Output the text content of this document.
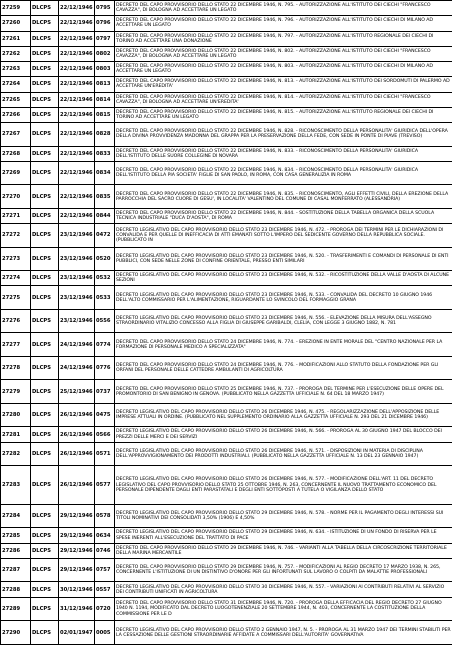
27259	DLCPS	22/12/1946	0795	DECRETO DEL CAPO PROVVISORIO DELLO STATO 22 DICEMBRE 1946, N. 795. - AUTORIZZAZIONE ALL'ISTITUTO DEI CIECHI "FRANCESCO CAVAZZA", DI BOLOGNA AD ACCETTARE UN LEGATO
27260	DLCPS	22/12/1946	0796	DECRETO DEL CAPO PROVVISORIO DELLO STATO 22 DICEMBRE 1946, N. 796. - AUTORIZZAZIONE ALL'ISTITUTO DEI CIECHI DI MILANO AD ACCETTARE UN LEGATO
27261	DLCPS	22/12/1946	0797	DECRETO DEL CAPO PROVVISORIO DELLO STATO 22 DICEMBRE 1946, N. 797. - AUTORIZZAZIONE ALL'ISTITUTO REGIONALE DEI CIECHI DI TORINO AD ACCETTARE UNA DONAZIONE
27262	DLCPS	22/12/1946	0802	DECRETO DEL CAPO PROVVISORIO DELLO STATO 22 DICEMBRE 1946, N. 802. - AUTORIZZAZIONE ALL'ISTITUTO DEI CIECHI "FRANCESCO CAVAZZA", DI BOLOGNA AD ACCETTARE UN LEGATO
27263	DLCPS	22/12/1946	0803	DECRETO DEL CAPO PROVVISORIO DELLO STATO 22 DICEMBRE 1946, N. 803. - AUTORIZZAZIONE ALL'ISTITUTO DEI CIECHI DI MILANO AD ACCETTARE UN LEGATO
27264	DLCPS	22/12/1946	0813	DECRETO DEL CAPO PROVVISORIO DELLO STATO 22 DICEMBRE 1946, N. 813. - AUTORIZZAZIONE ALL'ISTITUTO DEI SORDOMUTI DI PALERMO AD ACCETTARE UN'EREDITA'
27265	DLCPS	22/12/1946	0814	DECRETO DEL CAPO PROVVISORIO DELLO STATO 22 DICEMBRE 1946, N. 814. - AUTORIZZAZIONE ALL'ISTITUTO DEI CIECHI "FRANCESCO CAVAZZA", DI BOLOGNA AD ACCETTARE UN'EREDITA'
27266	DLCPS	22/12/1946	0815	DECRETO DEL CAPO PROVVISORIO DELLO STATO 22 DICEMBRE 1946, N. 815. - AUTORIZZAZIONE ALL'ISTITUTO REGIONALE DEI CIECHI DI TORINO AD ACCETTARE UN LEGATO
27267	DLCPS	22/12/1946	0828	DECRETO DEL CAPO PROVVISORIO DELLO STATO 22 DICEMBRE 1946, N. 828. - RICONOSCIMENTO DELLA PERSONALITA' GIURIDICA DELL'OPERA DELLA DIVINA PROVVIDENZA MADONNA DEL GRAPPA PER LA PRESERVAZIONE DELLA FEDE, CON SEDE IN PONTE DI PIAVE (TREVISO)
27268	DLCPS	22/12/1946	0833	DECRETO DEL CAPO PROVVISORIO DELLO STATO 22 DICEMBRE 1946, N. 833. - RICONOSCIMENTO DELLA PERSONALITA' GIURIDICA DELL'ISTITUTO DELLE SUORE COLLEGINE DI NOVARA
27269	DLCPS	22/12/1946	0834	DECRETO DEL CAPO PROVVISORIO DELLO STATO 22 DICEMBRE 1946, N. 834. - RICONOSCIMENTO DELLA PERSONALITA' GIURIDICA DELL'ISTITUTO DELLA PIA SOCIETA' FIGLIE DI SAN PAOLO, IN ROMA, CON CASA GENERALIZIA IN ROMA
27270	DLCPS	22/12/1946	0835	DECRETO DEL CAPO PROVVISORIO DELLO STATO 22 DICEMBRE 1946, N. 835. - RICONOSCIMENTO, AGLI EFFETTI CIVILI, DELLA EREZIONE DELLA PARROCCHIA DEL SACRO CUORE DI GESU', IN LOCALITA' VALENTINO DEL COMUNE DI CASAL MONFERRATO (ALESSANDRIA)
27271	DLCPS	22/12/1946	0844	DECRETO DEL CAPO PROVVISORIO DELLO STATO 22 DICEMBRE 1946, N. 844. - SOSTITUZIONE DELLA TABELLA ORGANICA DELLA SCUOLA TECNICA INDUSTRIALE "DUCA D'AOSTA", DI ROMA
27272	DLCPS	23/12/1946	0472	DECRETO LEGISLATIVO DEL CAPO PROVVISORIO DELLO STATO 23 DICEMBRE 1946, N. 472. - PROROGA DEI TERMINI PER LE DICHIARAZIONI DI CONVALIDA E PER QUELLE DI INEFFICACIA DI ATTI EMANATI SOTTO L'IMPERO DEL SEDICENTE GOVERNO DELLA REPUBBLICA SOCIALE. (PUBBLICATO IN
27273	DLCPS	23/12/1946	0520	DECRETO LEGISLATIVO DEL CAPO PROVVISORIO DELLO STATO 23 DICEMBRE 1946, N. 520. - TRASFERIMENTI E COMANDI DI PERSONALE DI ENTI PUBBLICI, CON SEDE NELLE ZONE DI CONFINE ORIENTALE, PRESSO ENTI SIMILARI
27274	DLCPS	23/12/1946	0532	DECRETO LEGISLATIVO DEL CAPO PROVVISORIO DELLO STATO 23 DICEMBRE 1946, N. 532. - RICOSTITUZIONE DELLA VALLE D'AOSTA DI ALCUNE SEZIONI
27275	DLCPS	23/12/1946	0533	DECRETO LEGISLATIVO DEL CAPO PROVVISORIO DELLO STATO 23 DICEMBRE 1946, N. 533. - CONVALIDA DEL DECRETO 10 GIUGNO 1946 DELL'ALTO COMMISSARIO PER L'ALIMENTAZIONE, RIGUARDANTE LO SVINCOLO DEL FORMAGGIO GRANA
27276	DLCPS	23/12/1946	0556	DECRETO LEGISLATIVO DEL CAPO PROVVISORIO DELLO STATO 23 DICEMBRE 1946, N. 556. - ELEVAZIONE DELLA MISURA DELL'ASSEGNO STRAORDINARIO VITALIZIO CONCESSO ALLA FIGLIA DI GIUSEPPE GARIBALDI, CLELIA, CON LEGGE 3 GIUGNO 1882, N. 781
27277	DLCPS	24/12/1946	0774	DECRETO DEL CAPO PROVVISORIO DELLO STATO 24 DICEMBRE 1946, N. 774. - EREZIONE IN ENTE MORALE DEL "CENTRO NAZIONALE PER LA FORMAZIONE DI PERSONALE MEDICO A SPECIALIZZATA"
27278	DLCPS	24/12/1946	0776	DECRETO DEL CAPO PROVVISORIO DELLO STATO 24 DICEMBRE 1946, N. 776. - MODIFICAZIONI ALLO STATUTO DELLA FONDAZIONE PER GLI ORFANI DEL PERSONALE DELLE CATTEDRE AMBULANTI DI AGRICOLTURA
27279	DLCPS	25/12/1946	0737	DECRETO DEL CAPO PROVVISORIO DELLO STATO 25 DICEMBRE 1946, N. 737. - PROROGA DEL TERMINE PER L'ESECUZIONE DELLE OPERE DEL PROMONTORIO DI SAN BENIGNO IN GENOVA. (PUBBLICATO NELLA GAZZETTA UFFICIALE N. 64 DEL 18 MARZO 1947)
27280	DLCPS	26/12/1946	0475	DECRETO LEGISLATIVO DEL CAPO PROVVISORIO DELLO STATO 26 DICEMBRE 1946, N. 475. - REGOLARIZZAZIONE DELL'APPOSIZIONE DELLE IMPRESE ATTUALI IN ORDINE. (PUBBLICATO NEL SUPPLEMENTO ORDINARIO ALLA GAZZETTA UFFICIALE N. 293 DEL 21 DICEMBRE 1946)
27281	DLCPS	26/12/1946	0566	DECRETO LEGISLATIVO DEL CAPO PROVVISORIO DELLO STATO 26 DICEMBRE 1946, N. 566. - PROROGA AL 30 GIUGNO 1947 DEL BLOCCO DEI PREZZI DELLE MERCI E DEI SERVIZI
27282	DLCPS	26/12/1946	0571	DECRETO LEGISLATIVO DEL CAPO PROVVISORIO DELLO STATO 26 DICEMBRE 1946, N. 571. - DISPOSIZIONI IN MATERIA DI DISCIPLINA DELL'APPROVVIGIONAMENTO DEI PRODOTTI INDUSTRIALI. (PUBBLICATO NELLA GAZZETTA UFFICIALE N. 13 DEL 23 GENNAIO 1947)
27283	DLCPS	26/12/1946	0577	DECRETO LEGISLATIVO DEL CAPO PROVVISORIO DELLO STATO 26 DICEMBRE 1946, N. 577. - MODIFICAZIONE DELL'ART. 11 DEL DECRETO LEGISLATIVO DEL CAPO PROVVISORIO DELLO STATO 25 OTTOBRE 1946, N. 263, CONCERNENTE IL NUOVO TRATTAMENTO ECONOMICO DEL PERSONALE DIPENDENTE DAGLI ENTI PARASTATALI E DEGLI ENTI SOTTOPOSTI A TUTELA O VIGILANZA DELLO STATO
27284	DLCPS	29/12/1946	0578	DECRETO LEGISLATIVO DEL CAPO PROVVISORIO DELLO STATO 29 DICEMBRE 1946, N. 578. - NORME PER IL PAGAMENTO DEGLI INTERESSI SUI TITOLI NOMINATIVI DEI CONSOLIDATI 3,50% (1906) E 4,50%
27285	DLCPS	29/12/1946	0634	DECRETO LEGISLATIVO DEL CAPO PROVVISORIO DELLO STATO 29 DICEMBRE 1946, N. 634. - ISTITUZIONE DI UN FONDO DI RISERVA PER LE SPESE INERENTI ALL'ESECUZIONE DEL TRATTATO DI PACE
27286	DLCPS	29/12/1946	0746	DECRETO DEL CAPO PROVVISORIO DELLO STATO 29 DICEMBRE 1946, N. 746. - VARIANTI ALLA TABELLA DELLA CIRCOSCRIZIONE TERRITORIALE DELLA MARINA MERCANTILE
27287	DLCPS	29/12/1946	0757	DECRETO DEL CAPO PROVVISORIO DELLO STATO 29 DICEMBRE 1946, N. 757. - MODIFICAZIONI AL REGIO DECRETO 17 MARZO 1938, N. 265, CONCERNENTE L'ISTITUZIONE DI UN DISTINTIVO D'ONORE PER GLI INFORTUNATI SUL LAVORO O COLPITI DA MALATTIE PROFESSIONALI
27288	DLCPS	30/12/1946	0557	DECRETO LEGISLATIVO DEL CAPO PROVVISORIO DELLO STATO 30 DICEMBRE 1946, N. 557. - VARIAZIONI AI CONTRIBUTI RELATIVI AL SERVIZIO DEI CONTRIBUTI UNIFICATI IN AGRICOLTURA
27289	DLCPS	31/12/1946	0720	DECRETO DEL CAPO PROVVISORIO DELLO STATO 31 DICEMBRE 1946, N. 720. - PROROGA DELLA EFFICACIA DEL REGIO DECRETO 27 GIUGNO 1940 N. 1194, MODIFICATO DAL DECRETO LUOGOTENENZIALE 20 SETTEMBRE 1944, N. 403, CONCERNENTE LA COSTITUZIONE DELLA COMMISSIONE PER LE D
27290	DLCPS	02/01/1947	0005	DECRETO LEGISLATIVO DEL CAPO PROVVISORIO DELLO STATO 2 GENNAIO 1947, N. 5. - PROROGA AL 31 MARZO 1947 DEI TERMINI STABILITI PER LA CESSAZIONE DELLE GESTIONI STRAORDINARIE AFFIDATE A COMMISSARI DELL'AUTORITA' GOVERNATIVA
